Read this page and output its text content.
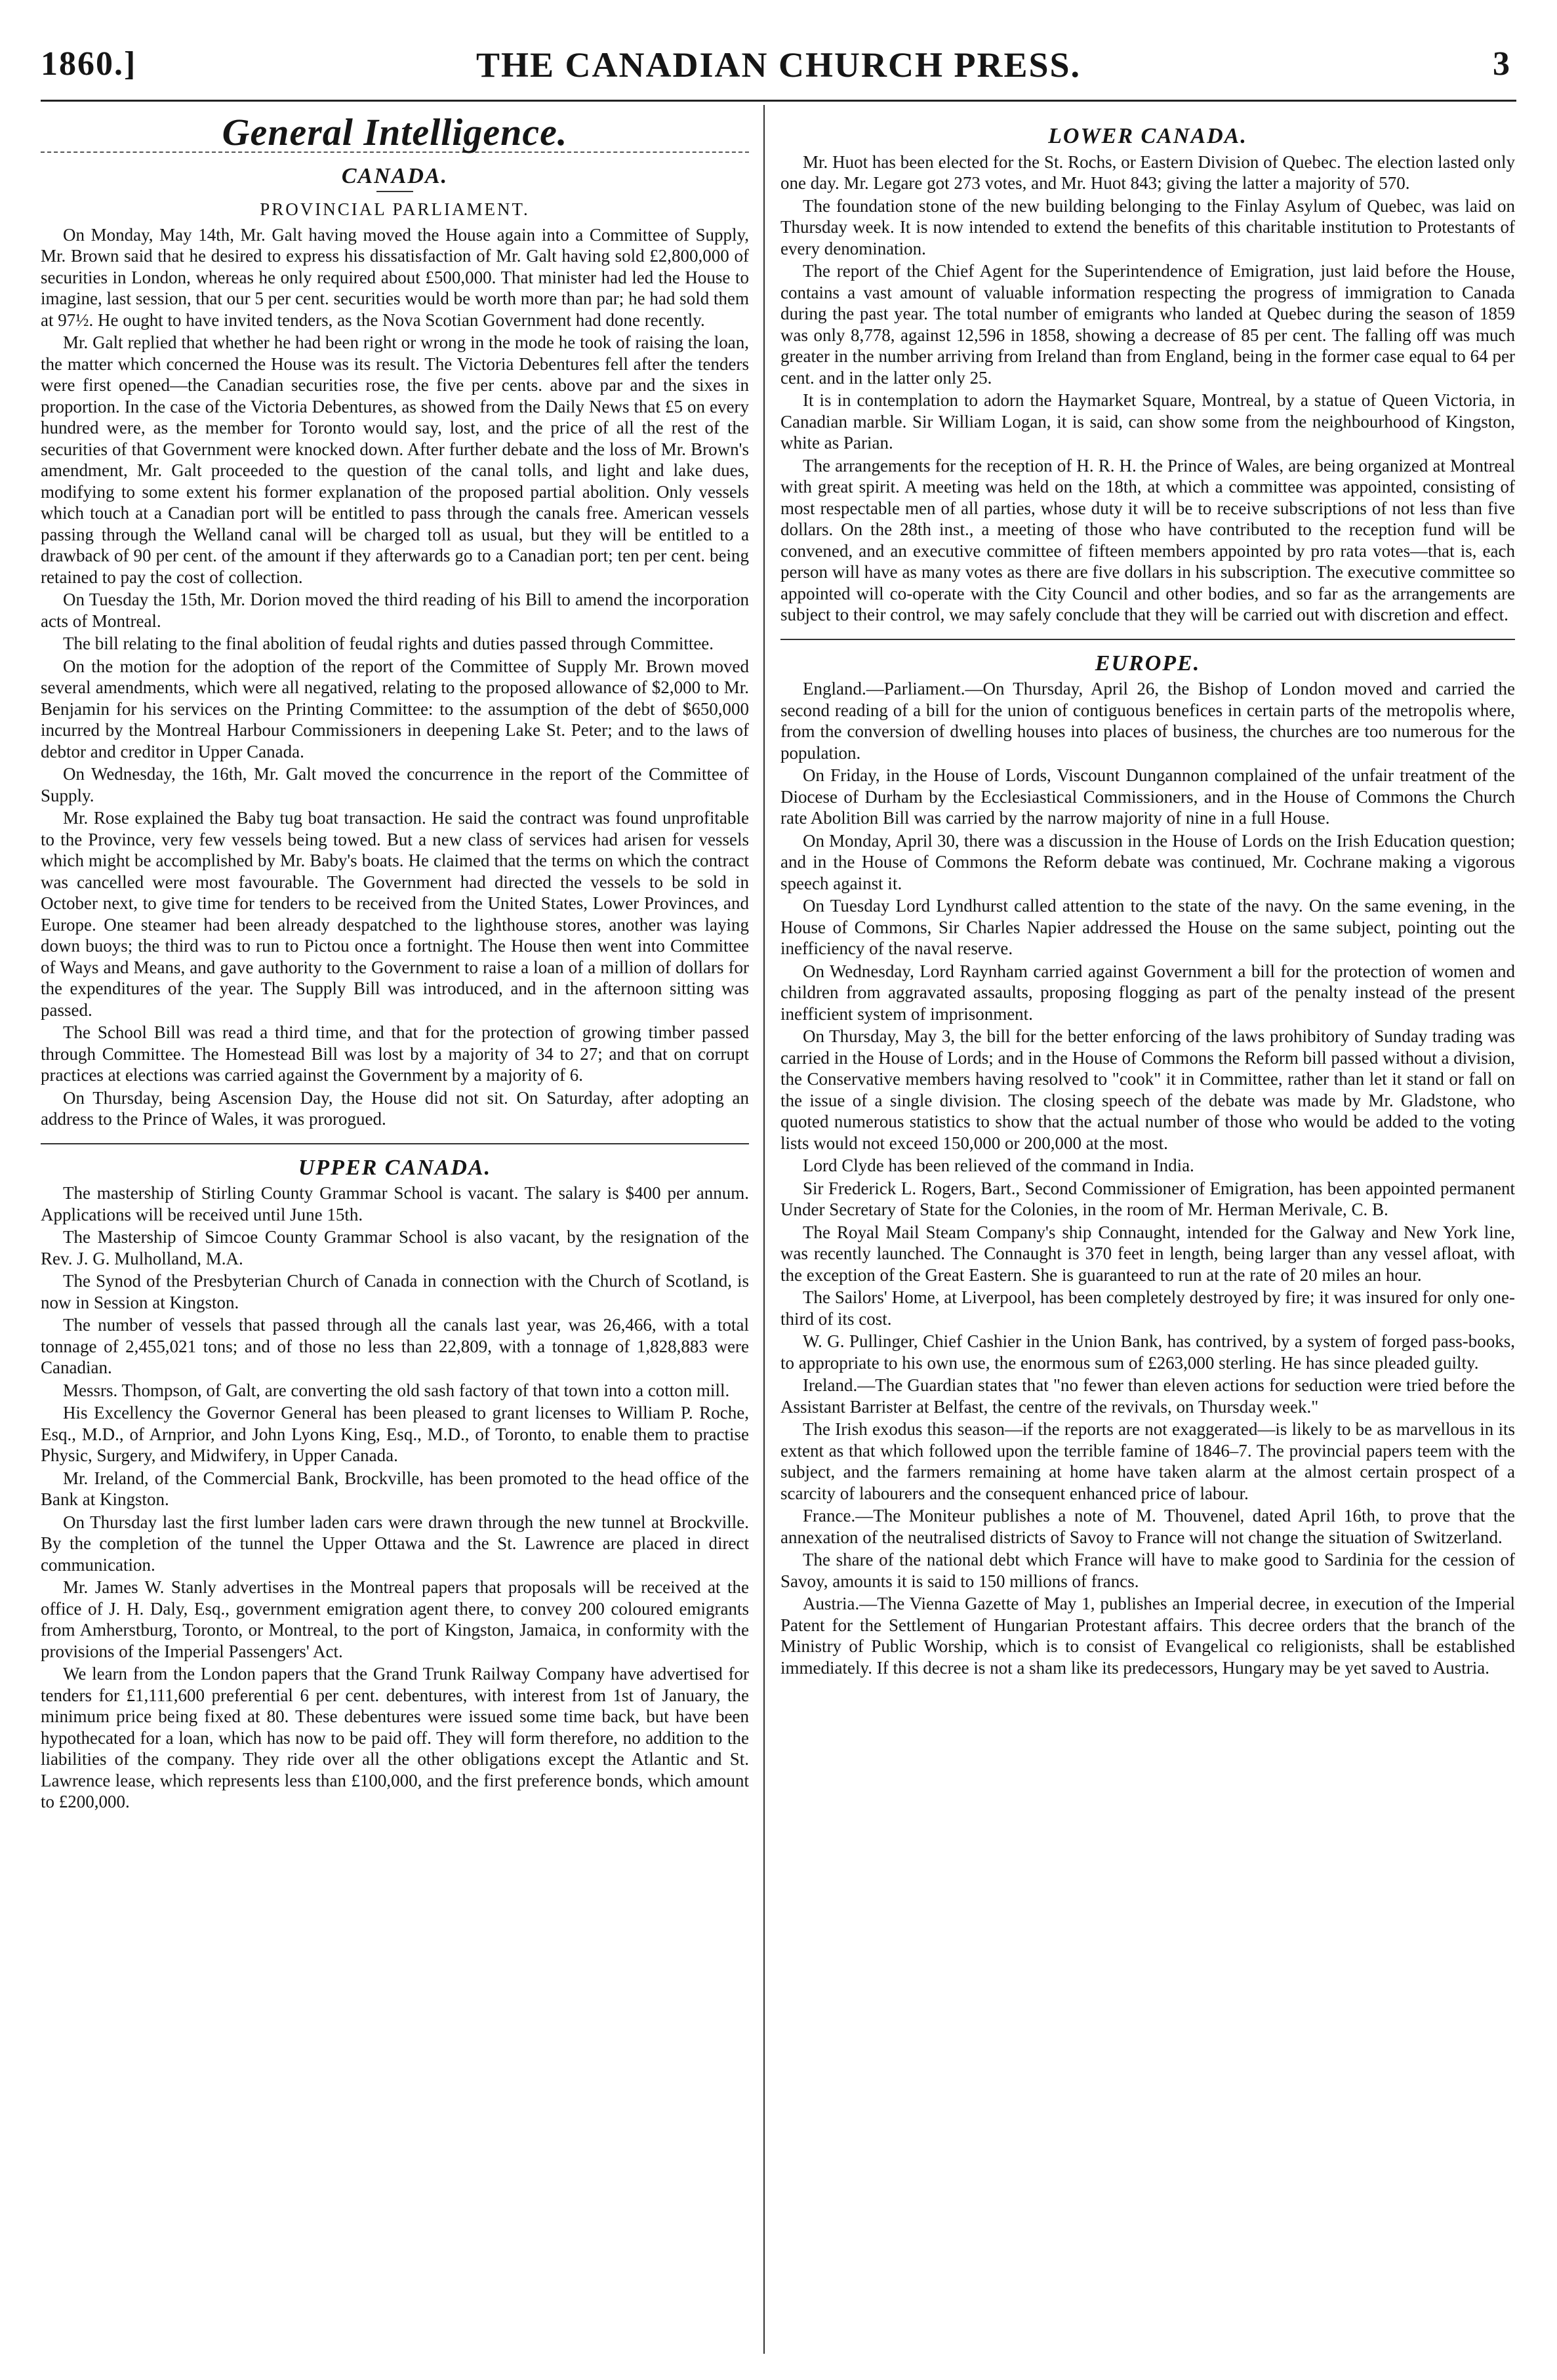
1860.]	THE CANADIAN CHURCH PRESS.	3
General Intelligence.
CANADA.
PROVINCIAL PARLIAMENT.

On Monday, May 14th, Mr. Galt having moved the House again into a Committee of Supply, Mr. Brown said that he desired to express his dissatisfaction of Mr. Galt having sold £2,800,000 of securities in London, whereas he only required about £500,000. That minister had led the House to imagine, last session, that our 5 per cent. securities would be worth more than par; he had sold them at 97½. He ought to have invited tenders, as the Nova Scotian Government had done recently.

Mr. Galt replied that whether he had been right or wrong in the mode he took of raising the loan, the matter which concerned the House was its result. The Victoria Debentures fell after the tenders were first opened—the Canadian securities rose, the five per cents. above par and the sixes in proportion. In the case of the Victoria Debentures, as showed from the Daily News that £5 on every hundred were, as the member for Toronto would say, lost, and the price of all the rest of the securities of that Government were knocked down. After further debate and the loss of Mr. Brown's amendment, Mr. Galt proceeded to the question of the canal tolls, and light and lake dues, modifying to some extent his former explanation of the proposed partial abolition. Only vessels which touch at a Canadian port will be entitled to pass through the canals free. American vessels passing through the Welland canal will be charged toll as usual, but they will be entitled to a drawback of 90 per cent. of the amount if they afterwards go to a Canadian port; ten per cent. being retained to pay the cost of collection.

On Tuesday the 15th, Mr. Dorion moved the third reading of his Bill to amend the incorporation acts of Montreal.

The bill relating to the final abolition of feudal rights and duties passed through Committee.

On the motion for the adoption of the report of the Committee of Supply Mr. Brown moved several amendments, which were all negatived, relating to the proposed allowance of $2,000 to Mr. Benjamin for his services on the Printing Committee: to the assumption of the debt of $650,000 incurred by the Montreal Harbour Commissioners in deepening Lake St. Peter; and to the laws of debtor and creditor in Upper Canada.

On Wednesday, the 16th, Mr. Galt moved the concurrence in the report of the Committee of Supply.

Mr. Rose explained the Baby tug boat transaction. He said the contract was found unprofitable to the Province, very few vessels being towed. But a new class of services had arisen for vessels which might be accomplished by Mr. Baby's boats. He claimed that the terms on which the contract was cancelled were most favourable. The Government had directed the vessels to be sold in October next, to give time for tenders to be received from the United States, Lower Provinces, and Europe. One steamer had been already despatched to the lighthouse stores, another was laying down buoys; the third was to run to Pictou once a fortnight. The House then went into Committee of Ways and Means, and gave authority to the Government to raise a loan of a million of dollars for the expenditures of the year. The Supply Bill was introduced, and in the afternoon sitting was passed.

The School Bill was read a third time, and that for the protection of growing timber passed through Committee. The Homestead Bill was lost by a majority of 34 to 27; and that on corrupt practices at elections was carried against the Government by a majority of 6.

On Thursday, being Ascension Day, the House did not sit. On Saturday, after adopting an address to the Prince of Wales, it was prorogued.

UPPER CANADA.

The mastership of Stirling County Grammar School is vacant. The salary is $400 per annum. Applications will be received until June 15th.

The Mastership of Simcoe County Grammar School is also vacant, by the resignation of the Rev. J. G. Mulholland, M.A.

The Synod of the Presbyterian Church of Canada in connection with the Church of Scotland, is now in Session at Kingston.

The number of vessels that passed through all the canals last year, was 26,466, with a total tonnage of 2,455,021 tons; and of those no less than 22,809, with a tonnage of 1,828,883 were Canadian.

Messrs. Thompson, of Galt, are converting the old sash factory of that town into a cotton mill.

His Excellency the Governor General has been pleased to grant licenses to William P. Roche, Esq., M.D., of Arnprior, and John Lyons King, Esq., M.D., of Toronto, to enable them to practise Physic, Surgery, and Midwifery, in Upper Canada.

Mr. Ireland, of the Commercial Bank, Brockville, has been promoted to the head office of the Bank at Kingston.

On Thursday last the first lumber laden cars were drawn through the new tunnel at Brockville. By the completion of the tunnel the Upper Ottawa and the St. Lawrence are placed in direct communication.

Mr. James W. Stanly advertises in the Montreal papers that proposals will be received at the office of J. H. Daly, Esq., government emigration agent there, to convey 200 coloured emigrants from Amherstburg, Toronto, or Montreal, to the port of Kingston, Jamaica, in conformity with the provisions of the Imperial Passengers' Act.

We learn from the London papers that the Grand Trunk Railway Company have advertised for tenders for £1,111,600 preferential 6 per cent. debentures, with interest from 1st of January, the minimum price being fixed at 80. These debentures were issued some time back, but have been hypothecated for a loan, which has now to be paid off. They will form therefore, no addition to the liabilities of the company. They ride over all the other obligations except the Atlantic and St. Lawrence lease, which represents less than £100,000, and the first preference bonds, which amount to £200,000.

LOWER CANADA.

Mr. Huot has been elected for the St. Rochs, or Eastern Division of Quebec. The election lasted only one day. Mr. Legare got 273 votes, and Mr. Huot 843; giving the latter a majority of 570.

The foundation stone of the new building belonging to the Finlay Asylum of Quebec, was laid on Thursday week. It is now intended to extend the benefits of this charitable institution to Protestants of every denomination.

The report of the Chief Agent for the Superintendence of Emigration, just laid before the House, contains a vast amount of valuable information respecting the progress of immigration to Canada during the past year. The total number of emigrants who landed at Quebec during the season of 1859 was only 8,778, against 12,596 in 1858, showing a decrease of 85 per cent. The falling off was much greater in the number arriving from Ireland than from England, being in the former case equal to 64 per cent. and in the latter only 25.

It is in contemplation to adorn the Haymarket Square, Montreal, by a statue of Queen Victoria, in Canadian marble. Sir William Logan, it is said, can show some from the neighbourhood of Kingston, white as Parian.

The arrangements for the reception of H. R. H. the Prince of Wales, are being organized at Montreal with great spirit. A meeting was held on the 18th, at which a committee was appointed, consisting of most respectable men of all parties, whose duty it will be to receive subscriptions of not less than five dollars. On the 28th inst., a meeting of those who have contributed to the reception fund will be convened, and an executive committee of fifteen members appointed by pro rata votes—that is, each person will have as many votes as there are five dollars in his subscription. The executive committee so appointed will co-operate with the City Council and other bodies, and so far as the arrangements are subject to their control, we may safely conclude that they will be carried out with discretion and effect.

EUROPE.

England.—Parliament.—On Thursday, April 26, the Bishop of London moved and carried the second reading of a bill for the union of contiguous benefices in certain parts of the metropolis where, from the conversion of dwelling houses into places of business, the churches are too numerous for the population.

On Friday, in the House of Lords, Viscount Dungannon complained of the unfair treatment of the Diocese of Durham by the Ecclesiastical Commissioners, and in the House of Commons the Church rate Abolition Bill was carried by the narrow majority of nine in a full House.

On Monday, April 30, there was a discussion in the House of Lords on the Irish Education question; and in the House of Commons the Reform debate was continued, Mr. Cochrane making a vigorous speech against it.

On Tuesday Lord Lyndhurst called attention to the state of the navy. On the same evening, in the House of Commons, Sir Charles Napier addressed the House on the same subject, pointing out the inefficiency of the naval reserve.

On Wednesday, Lord Raynham carried against Government a bill for the protection of women and children from aggravated assaults, proposing flogging as part of the penalty instead of the present inefficient system of imprisonment.

On Thursday, May 3, the bill for the better enforcing of the laws prohibitory of Sunday trading was carried in the House of Lords; and in the House of Commons the Reform bill passed without a division, the Conservative members having resolved to "cook" it in Committee, rather than let it stand or fall on the issue of a single division. The closing speech of the debate was made by Mr. Gladstone, who quoted numerous statistics to show that the actual number of those who would be added to the voting lists would not exceed 150,000 or 200,000 at the most.

Lord Clyde has been relieved of the command in India.

Sir Frederick L. Rogers, Bart., Second Commissioner of Emigration, has been appointed permanent Under Secretary of State for the Colonies, in the room of Mr. Herman Merivale, C. B.

The Royal Mail Steam Company's ship Connaught, intended for the Galway and New York line, was recently launched. The Connaught is 370 feet in length, being larger than any vessel afloat, with the exception of the Great Eastern. She is guaranteed to run at the rate of 20 miles an hour.

The Sailors' Home, at Liverpool, has been completely destroyed by fire; it was insured for only one-third of its cost.

W. G. Pullinger, Chief Cashier in the Union Bank, has contrived, by a system of forged pass-books, to appropriate to his own use, the enormous sum of £263,000 sterling. He has since pleaded guilty.

Ireland.—The Guardian states that "no fewer than eleven actions for seduction were tried before the Assistant Barrister at Belfast, the centre of the revivals, on Thursday week."

The Irish exodus this season—if the reports are not exaggerated—is likely to be as marvellous in its extent as that which followed upon the terrible famine of 1846–7. The provincial papers teem with the subject, and the farmers remaining at home have taken alarm at the almost certain prospect of a scarcity of labourers and the consequent enhanced price of labour.

France.—The Moniteur publishes a note of M. Thouvenel, dated April 16th, to prove that the annexation of the neutralised districts of Savoy to France will not change the situation of Switzerland.

The share of the national debt which France will have to make good to Sardinia for the cession of Savoy, amounts it is said to 150 millions of francs.

Austria.—The Vienna Gazette of May 1, publishes an Imperial decree, in execution of the Imperial Patent for the Settlement of Hungarian Protestant affairs. This decree orders that the branch of the Ministry of Public Worship, which is to consist of Evangelical co religionists, shall be established immediately. If this decree is not a sham like its predecessors, Hungary may be yet saved to Austria.
